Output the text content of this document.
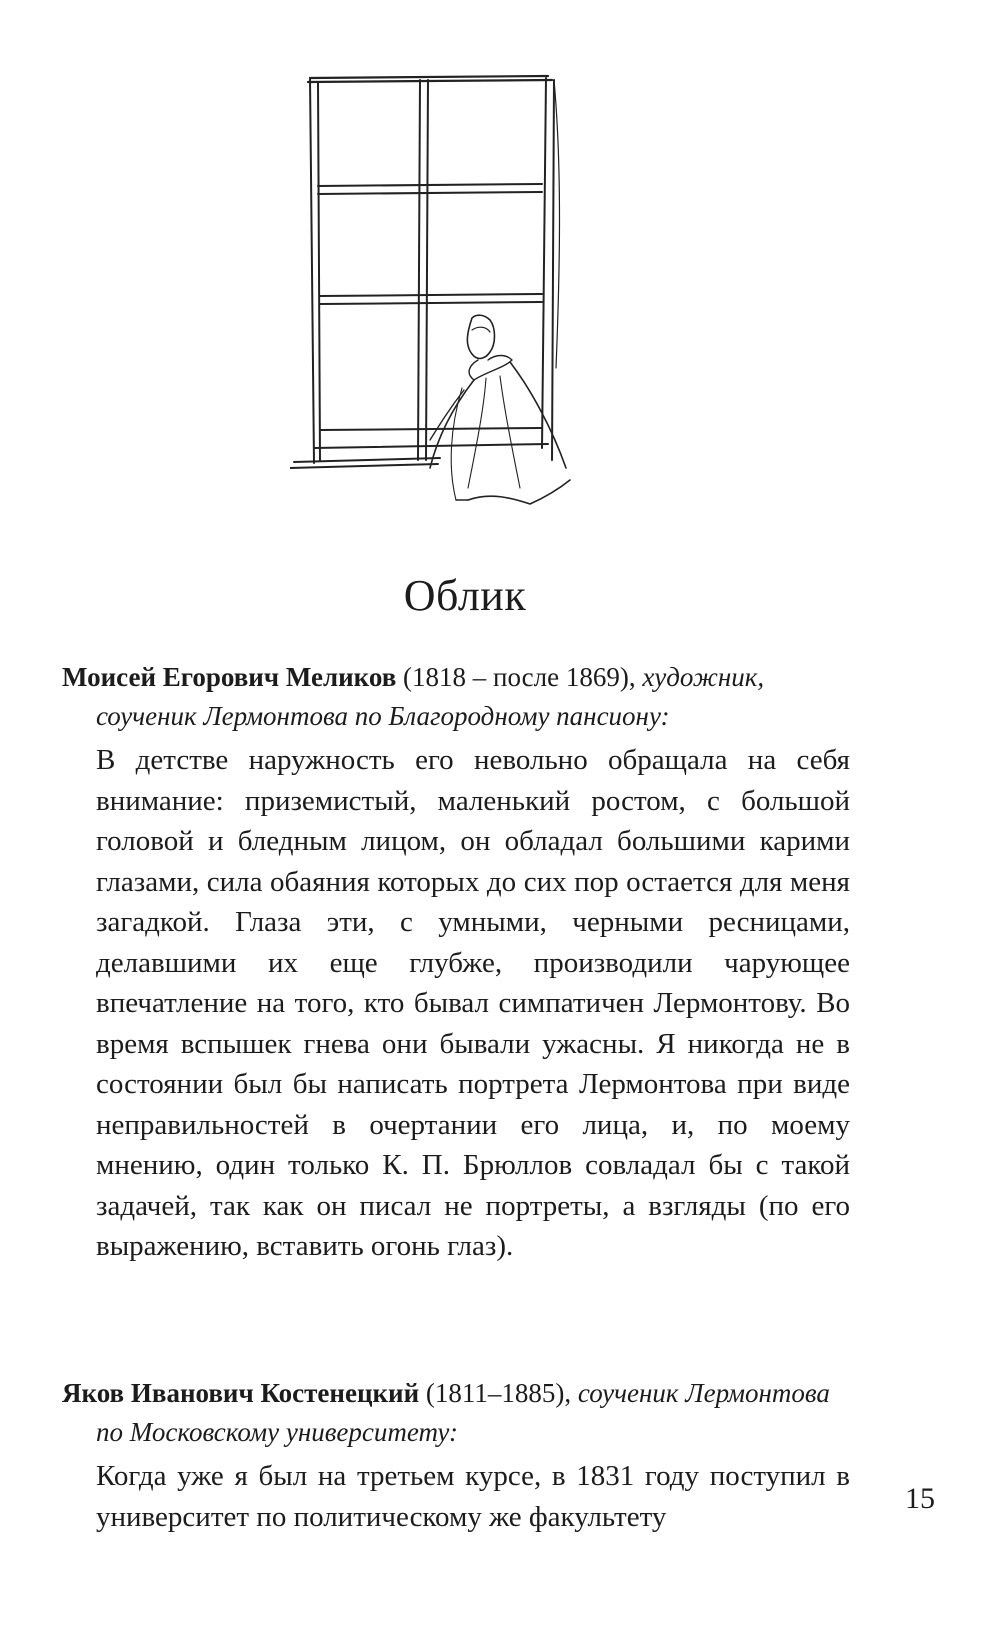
Облик
Моисей Егорович Меликов (1818 – после 1869), художник, соученик Лермонтова по Благородному пансиону:
В детстве наружность его невольно обращала на себя внимание: приземистый, маленький ростом, с большой головой и бледным лицом, он обладал большими карими глазами, сила обаяния которых до сих пор остается для меня загадкой. Глаза эти, с умными, черными ресницами, делавшими их еще глубже, производили чарующее впечатление на того, кто бывал симпатичен Лермонтову. Во время вспышек гнева они бывали ужасны. Я никогда не в состоянии был бы написать портрета Лермонтова при виде неправильностей в очертании его лица, и, по моему мнению, один только К. П. Брюллов совладал бы с такой задачей, так как он писал не портреты, а взгляды (по его выражению, вставить огонь глаз).
Яков Иванович Костенецкий (1811–1885), соученик Лермонтова по Московскому университету:
Когда уже я был на третьем курсе, в 1831 году поступил в университет по политическому же факультету
15
